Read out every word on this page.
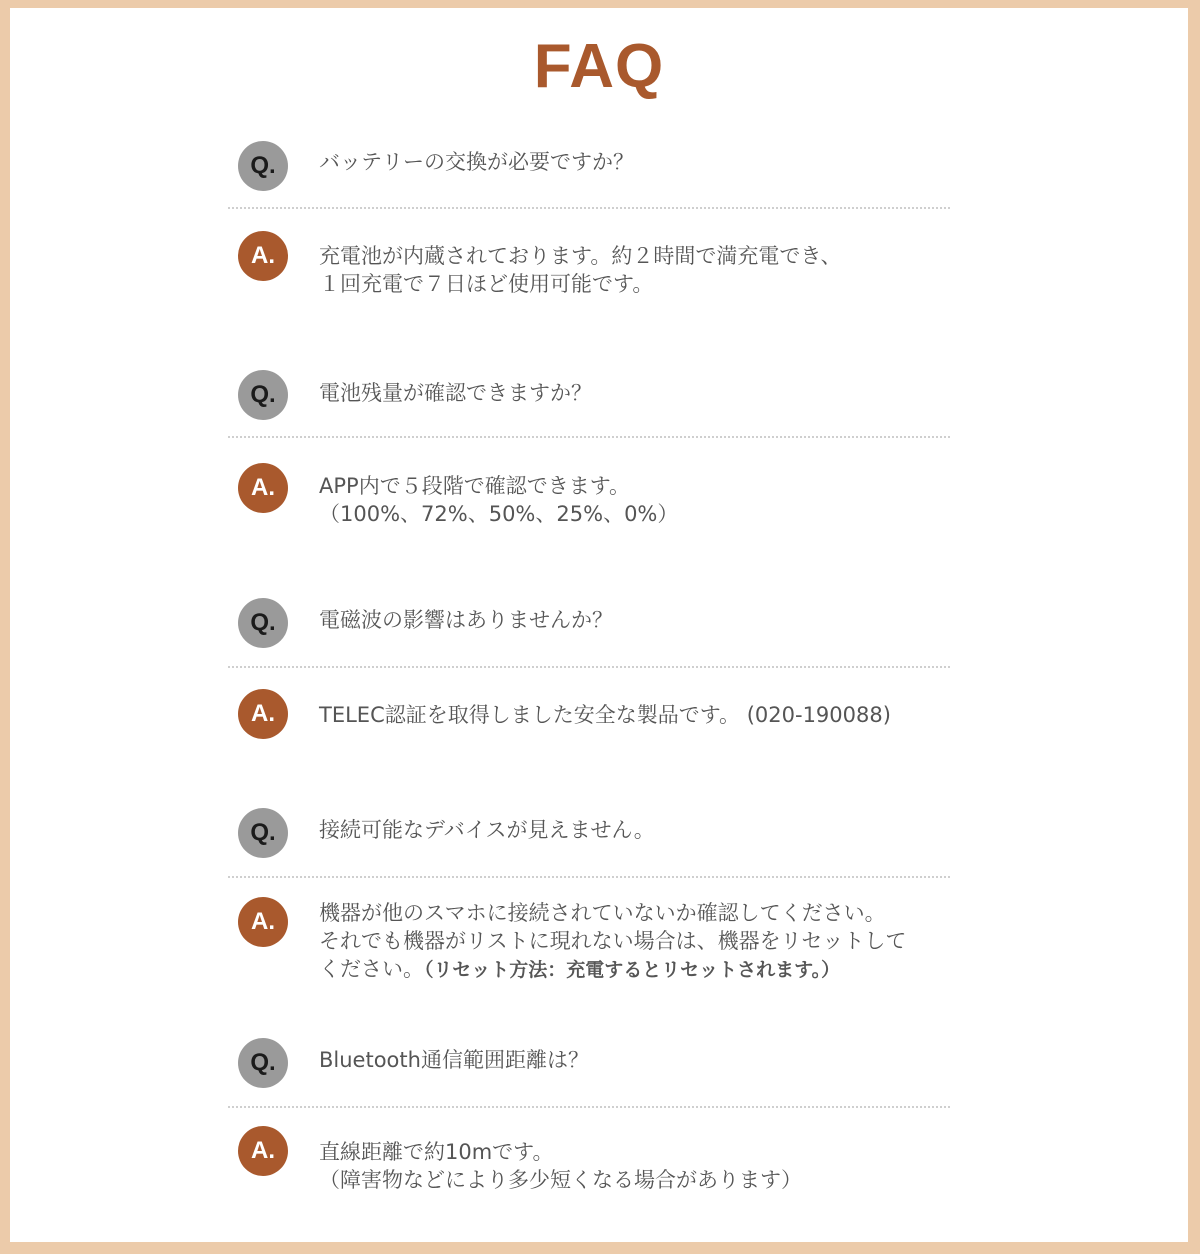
FAQ
Q.	バッテリーの交換が必要ですか？
A.	充電池が内蔵されております。約２時間で満充電でき、
１回充電で７日ほど使用可能です。
Q.	電池残量が確認できますか？
A.	APP内で５段階で確認できます。
（100%、72%、50%、25%、0%）
Q.	電磁波の影響はありませんか？
A.	TELEC認証を取得しました安全な製品です。 (020-190088)
Q.	接続可能なデバイスが見えません。
A.	機器が他のスマホに接続されていないか確認してください。
それでも機器がリストに現れない場合は、機器をリセットして
ください。（リセット方法：充電するとリセットされます。）
Q.	Bluetooth通信範囲距離は？
A.	直線距離で約10mです。
（障害物などにより多少短くなる場合があります）
